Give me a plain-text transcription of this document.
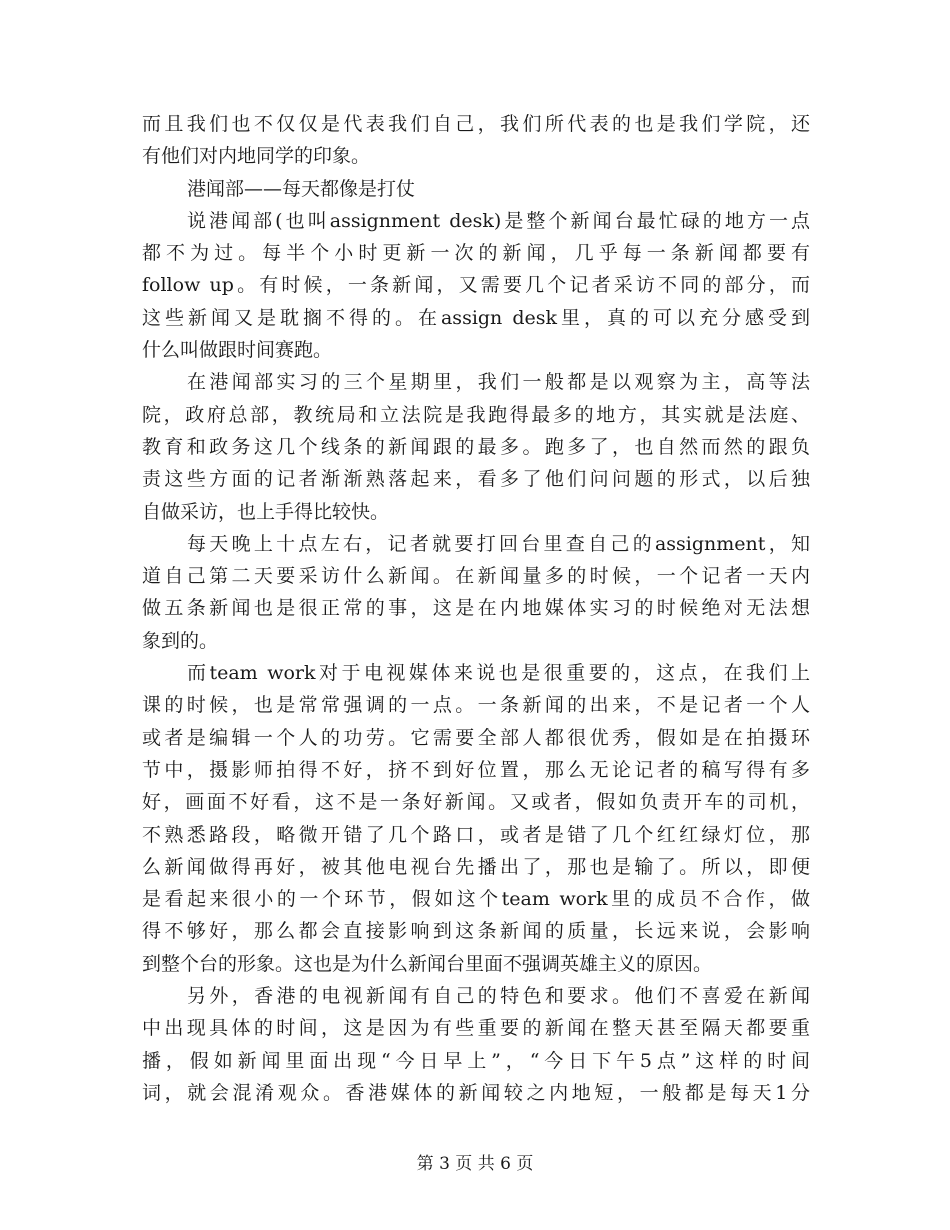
而且我们也不仅仅是代表我们自己，我们所代表的也是我们学院，还
有他们对内地同学的印象。
港闻部——每天都像是打仗
说港闻部(也叫assignment desk)是整个新闻台最忙碌的地方一点
都不为过。每半个小时更新一次的新闻，几乎每一条新闻都要有
follow up。有时候，一条新闻，又需要几个记者采访不同的部分，而
这些新闻又是耽搁不得的。在assign desk里，真的可以充分感受到
什么叫做跟时间赛跑。
在港闻部实习的三个星期里，我们一般都是以观察为主，高等法
院，政府总部，教统局和立法院是我跑得最多的地方，其实就是法庭、
教育和政务这几个线条的新闻跟的最多。跑多了，也自然而然的跟负
责这些方面的记者渐渐熟落起来，看多了他们问问题的形式，以后独
自做采访，也上手得比较快。
每天晚上十点左右，记者就要打回台里查自己的assignment，知
道自己第二天要采访什么新闻。在新闻量多的时候，一个记者一天内
做五条新闻也是很正常的事，这是在内地媒体实习的时候绝对无法想
象到的。
而team work对于电视媒体来说也是很重要的，这点，在我们上
课的时候，也是常常强调的一点。一条新闻的出来，不是记者一个人
或者是编辑一个人的功劳。它需要全部人都很优秀，假如是在拍摄环
节中，摄影师拍得不好，挤不到好位置，那么无论记者的稿写得有多
好，画面不好看，这不是一条好新闻。又或者，假如负责开车的司机，
不熟悉路段，略微开错了几个路口，或者是错了几个红红绿灯位，那
么新闻做得再好，被其他电视台先播出了，那也是输了。所以，即便
是看起来很小的一个环节，假如这个team work里的成员不合作，做
得不够好，那么都会直接影响到这条新闻的质量，长远来说，会影响
到整个台的形象。这也是为什么新闻台里面不强调英雄主义的原因。
另外，香港的电视新闻有自己的特色和要求。他们不喜爱在新闻
中出现具体的时间，这是因为有些重要的新闻在整天甚至隔天都要重
播，假如新闻里面出现“今日早上”，“今日下午5点”这样的时间
词，就会混淆观众。香港媒体的新闻较之内地短，一般都是每天1分
第 3 页 共 6 页
